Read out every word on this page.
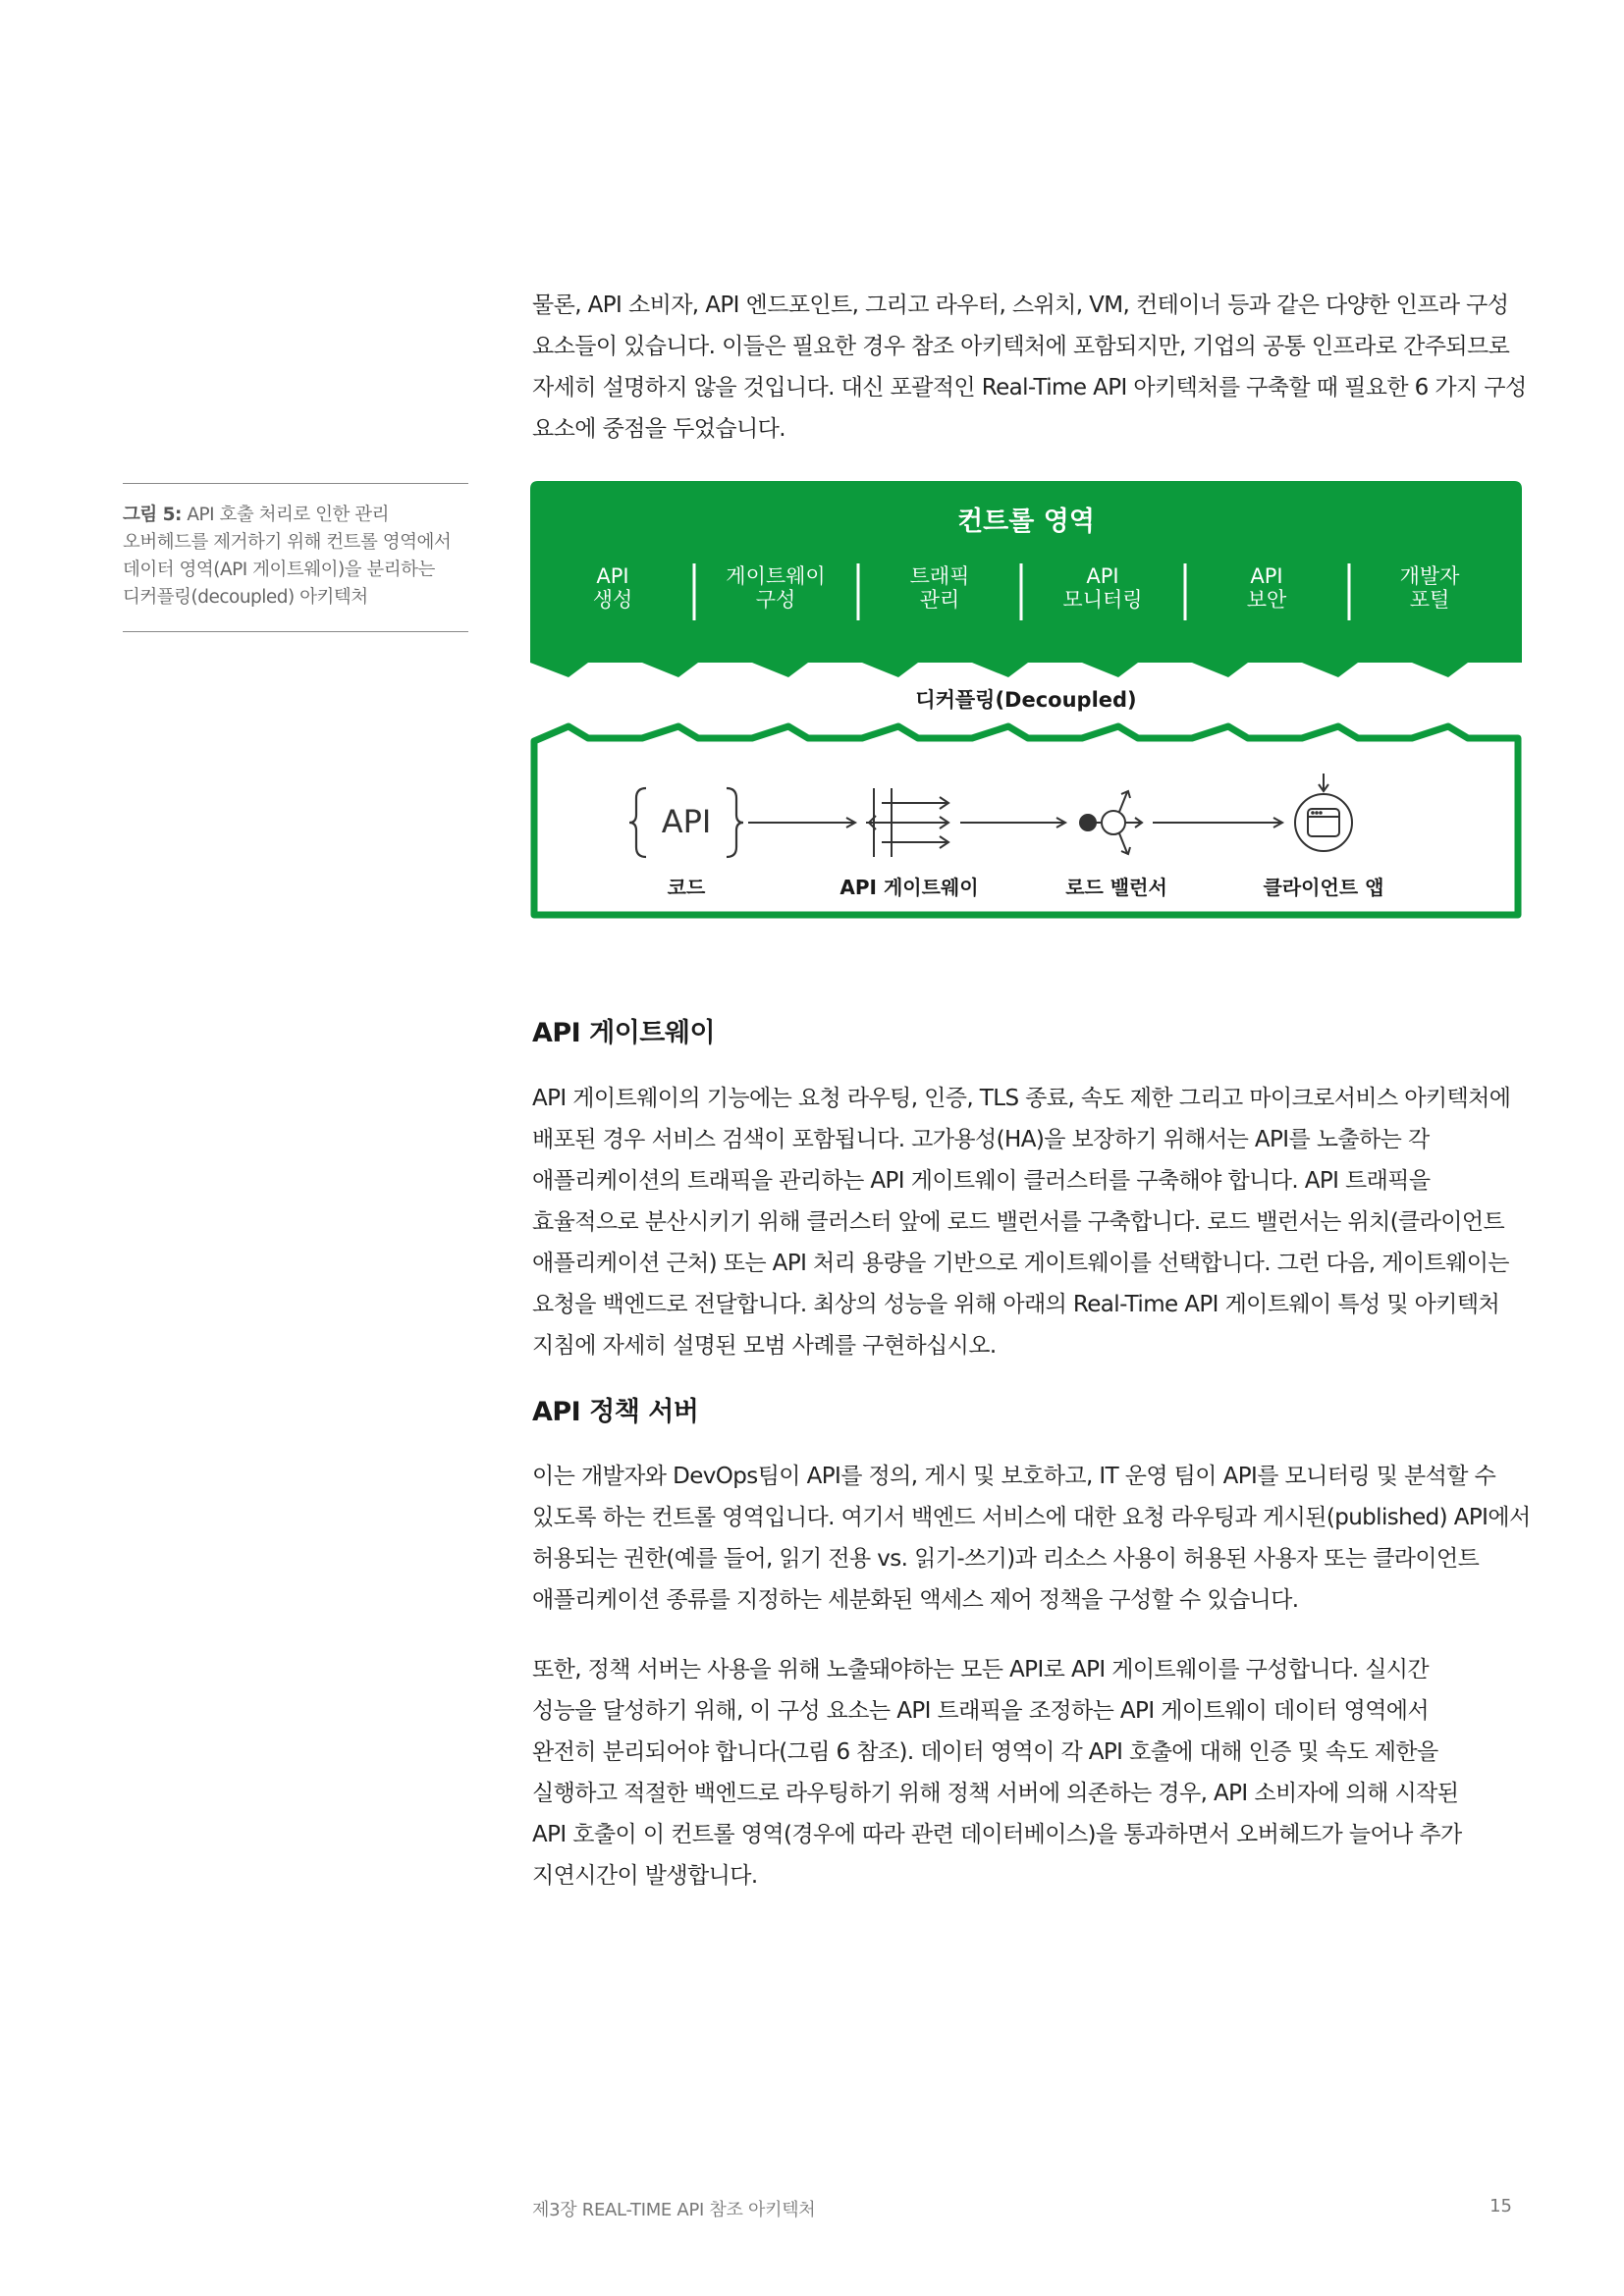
물론, API 소비자, API 엔드포인트, 그리고 라우터, 스위치, VM, 컨테이너 등과 같은 다양한 인프라 구성
요소들이 있습니다. 이들은 필요한 경우 참조 아키텍처에 포함되지만, 기업의 공통 인프라로 간주되므로
자세히 설명하지 않을 것입니다. 대신 포괄적인 Real-Time API 아키텍처를 구축할 때 필요한 6 가지 구성
요소에 중점을 두었습니다.
그림 5: API 호출 처리로 인한 관리
오버헤드를 제거하기 위해 컨트롤 영역에서
데이터 영역(API 게이트웨이)을 분리하는
디커플링(decoupled) 아키텍처
컨트롤 영역
API
생성
게이트웨이
구성
트래픽
관리
API
모니터링
API
보안
개발자
포털
디커플링(Decoupled)
API
코드	API 게이트웨이	로드 밸런서	클라이언트 앱
API 게이트웨이
API 게이트웨이의 기능에는 요청 라우팅, 인증, TLS 종료, 속도 제한 그리고 마이크로서비스 아키텍처에
배포된 경우 서비스 검색이 포함됩니다. 고가용성(HA)을 보장하기 위해서는 API를 노출하는 각
애플리케이션의 트래픽을 관리하는 API 게이트웨이 클러스터를 구축해야 합니다. API 트래픽을
효율적으로 분산시키기 위해 클러스터 앞에 로드 밸런서를 구축합니다. 로드 밸런서는 위치(클라이언트
애플리케이션 근처) 또는 API 처리 용량을 기반으로 게이트웨이를 선택합니다. 그런 다음, 게이트웨이는
요청을 백엔드로 전달합니다. 최상의 성능을 위해 아래의 Real-Time API 게이트웨이 특성 및 아키텍처
지침에 자세히 설명된 모범 사례를 구현하십시오.
API 정책 서버
이는 개발자와 DevOps팀이 API를 정의, 게시 및 보호하고, IT 운영 팀이 API를 모니터링 및 분석할 수
있도록 하는 컨트롤 영역입니다. 여기서 백엔드 서비스에 대한 요청 라우팅과 게시된(published) API에서
허용되는 권한(예를 들어, 읽기 전용 vs. 읽기-쓰기)과 리소스 사용이 허용된 사용자 또는 클라이언트
애플리케이션 종류를 지정하는 세분화된 액세스 제어 정책을 구성할 수 있습니다.
또한, 정책 서버는 사용을 위해 노출돼야하는 모든 API로 API 게이트웨이를 구성합니다. 실시간
성능을 달성하기 위해, 이 구성 요소는 API 트래픽을 조정하는 API 게이트웨이 데이터 영역에서
완전히 분리되어야 합니다(그림 6 참조). 데이터 영역이 각 API 호출에 대해 인증 및 속도 제한을
실행하고 적절한 백엔드로 라우팅하기 위해 정책 서버에 의존하는 경우, API 소비자에 의해 시작된
API 호출이 이 컨트롤 영역(경우에 따라 관련 데이터베이스)을 통과하면서 오버헤드가 늘어나 추가
지연시간이 발생합니다.
제3장 REAL-TIME API 참조 아키텍처	15
